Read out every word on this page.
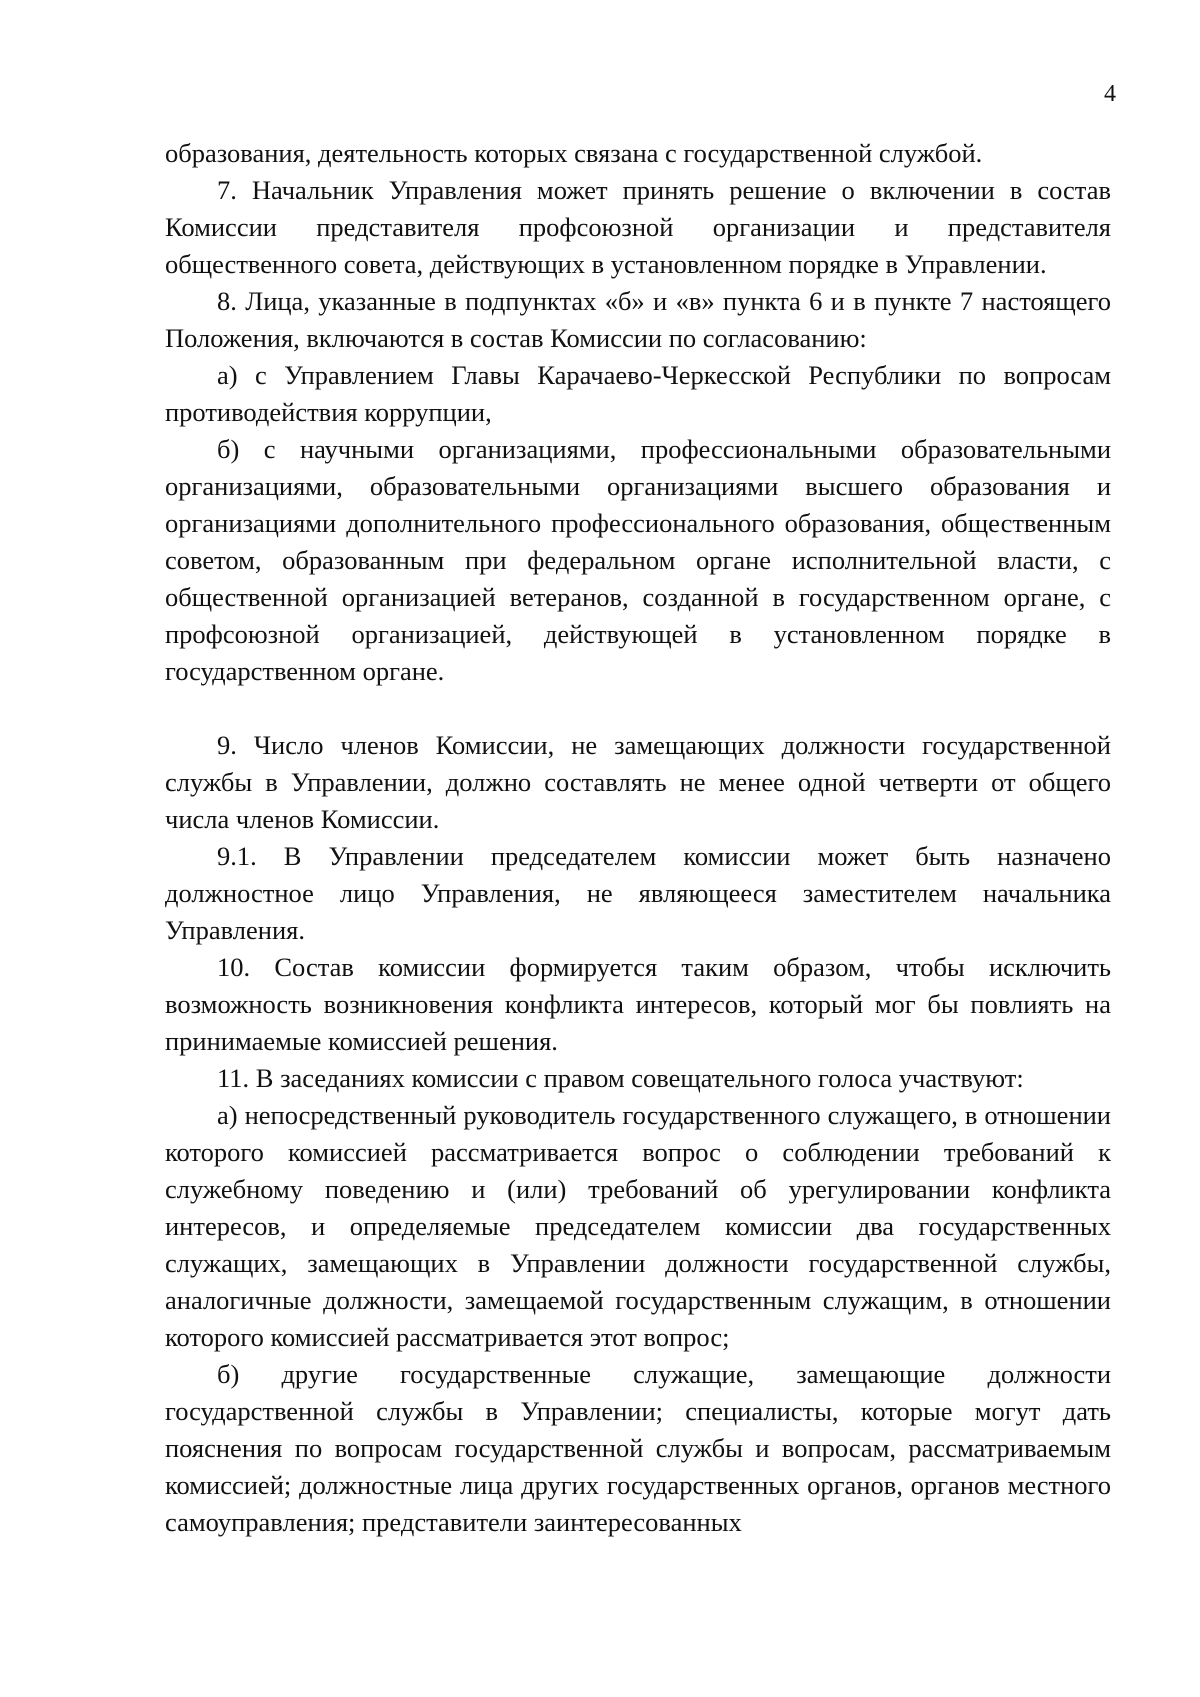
4

образования, деятельность которых связана с государственной службой.

7. Начальник Управления может принять решение о включении в состав Комиссии представителя профсоюзной организации и представителя общественного совета, действующих в установленном порядке в Управлении.

8. Лица, указанные в подпунктах «б» и «в» пункта 6 и в пункте 7 настоящего Положения, включаются в состав Комиссии по согласованию:

а) с Управлением Главы Карачаево-Черкесской Республики по вопросам противодействия коррупции,

б) с научными организациями, профессиональными образовательными организациями, образовательными организациями высшего образования и организациями дополнительного профессионального образования, общественным советом, образованным при федеральном органе исполнительной власти, с общественной организацией ветеранов, созданной в государственном органе, с профсоюзной организацией, действующей в установленном порядке в государственном органе.

9. Число членов Комиссии, не замещающих должности государственной службы в Управлении, должно составлять не менее одной четверти от общего числа членов Комиссии.

9.1. В Управлении председателем комиссии может быть назначено должностное лицо Управления, не являющееся заместителем начальника Управления.

10. Состав комиссии формируется таким образом, чтобы исключить возможность возникновения конфликта интересов, который мог бы повлиять на принимаемые комиссией решения.

11. В заседаниях комиссии с правом совещательного голоса участвуют:

а) непосредственный руководитель государственного служащего, в отношении которого комиссией рассматривается вопрос о соблюдении требований к служебному поведению и (или) требований об урегулировании конфликта интересов, и определяемые председателем комиссии два государственных служащих, замещающих в Управлении должности государственной службы, аналогичные должности, замещаемой государственным служащим, в отношении которого комиссией рассматривается этот вопрос;

б) другие государственные служащие, замещающие должности государственной службы в Управлении; специалисты, которые могут дать пояснения по вопросам государственной службы и вопросам, рассматриваемым комиссией; должностные лица других государственных органов, органов местного самоуправления; представители заинтересованных
